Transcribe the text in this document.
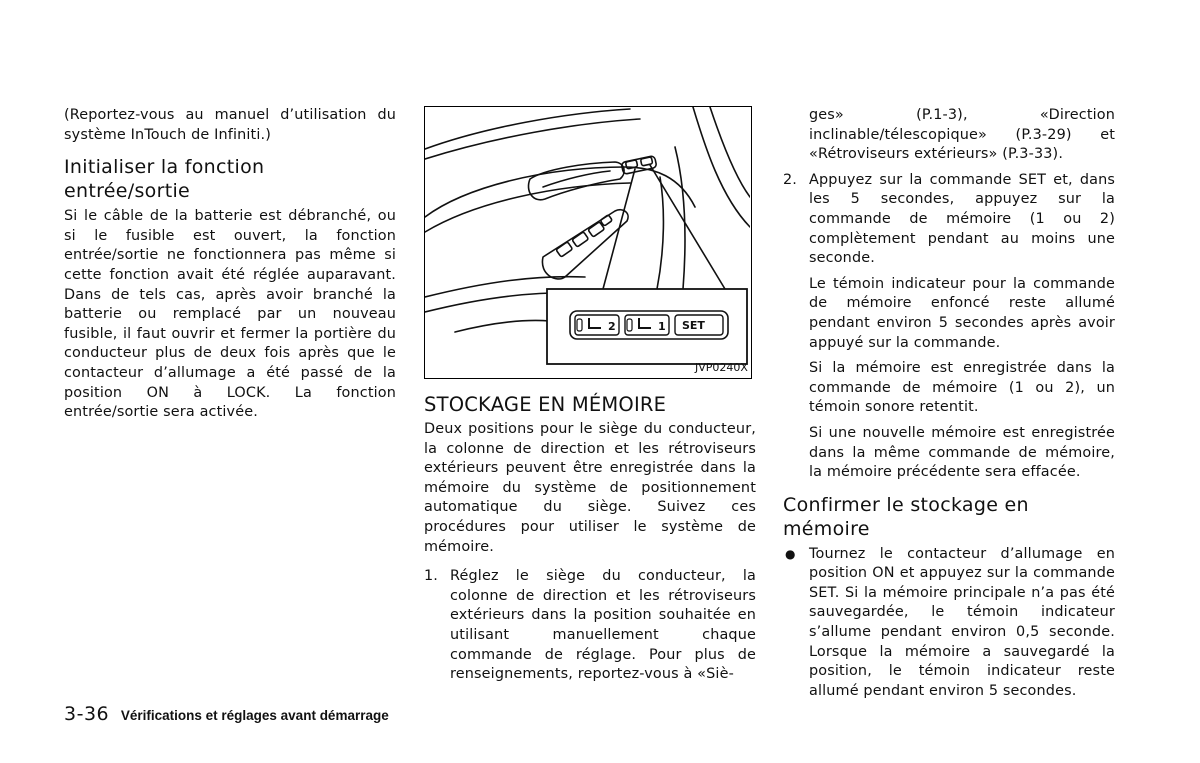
(Reportez-vous au manuel d’utilisation du système InTouch de Infiniti.)

Initialiser la fonction entrée/sortie

Si le câble de la batterie est débranché, ou si le fusible est ouvert, la fonction entrée/sortie ne fonctionnera pas même si cette fonction avait été réglée auparavant. Dans de tels cas, après avoir branché la batterie ou remplacé par un nouveau fusible, il faut ouvrir et fermer la portière du conducteur plus de deux fois après que le contacteur d’allumage a été passé de la position ON à LOCK. La fonction entrée/sortie sera activée.

2	1 SET
JVP0240X
STOCKAGE EN MÉMOIRE

Deux positions pour le siège du conducteur, la colonne de direction et les rétroviseurs extérieurs peuvent être enregistrée dans la mémoire du système de positionnement automatique du siège. Suivez ces procédures pour utiliser le système de mémoire.

1. Réglez le siège du conducteur, la colonne de direction et les rétroviseurs extérieurs dans la position souhaitée en utilisant manuellement chaque commande de réglage. Pour plus de renseignements, reportez-vous à «Siè-

ges» (P.1-3), «Direction inclinable/télescopique» (P.3-29) et «Rétroviseurs extérieurs» (P.3-33).

2. Appuyez sur la commande SET et, dans les 5 secondes, appuyez sur la commande de mémoire (1 ou 2) complètement pendant au moins une seconde.

Le témoin indicateur pour la commande de mémoire enfoncé reste allumé pendant environ 5 secondes après avoir appuyé sur la commande.

Si la mémoire est enregistrée dans la commande de mémoire (1 ou 2), un témoin sonore retentit.

Si une nouvelle mémoire est enregistrée dans la même commande de mémoire, la mémoire précédente sera effacée.

Confirmer le stockage en mémoire
● Tournez le contacteur d’allumage en position ON et appuyez sur la commande SET. Si la mémoire principale n’a pas été sauvegardée, le témoin indicateur s’allume pendant environ 0,5 seconde. Lorsque la mémoire a sauvegardé la position, le témoin indicateur reste allumé pendant environ 5 secondes.
3-36 Vérifications et réglages avant démarrage
